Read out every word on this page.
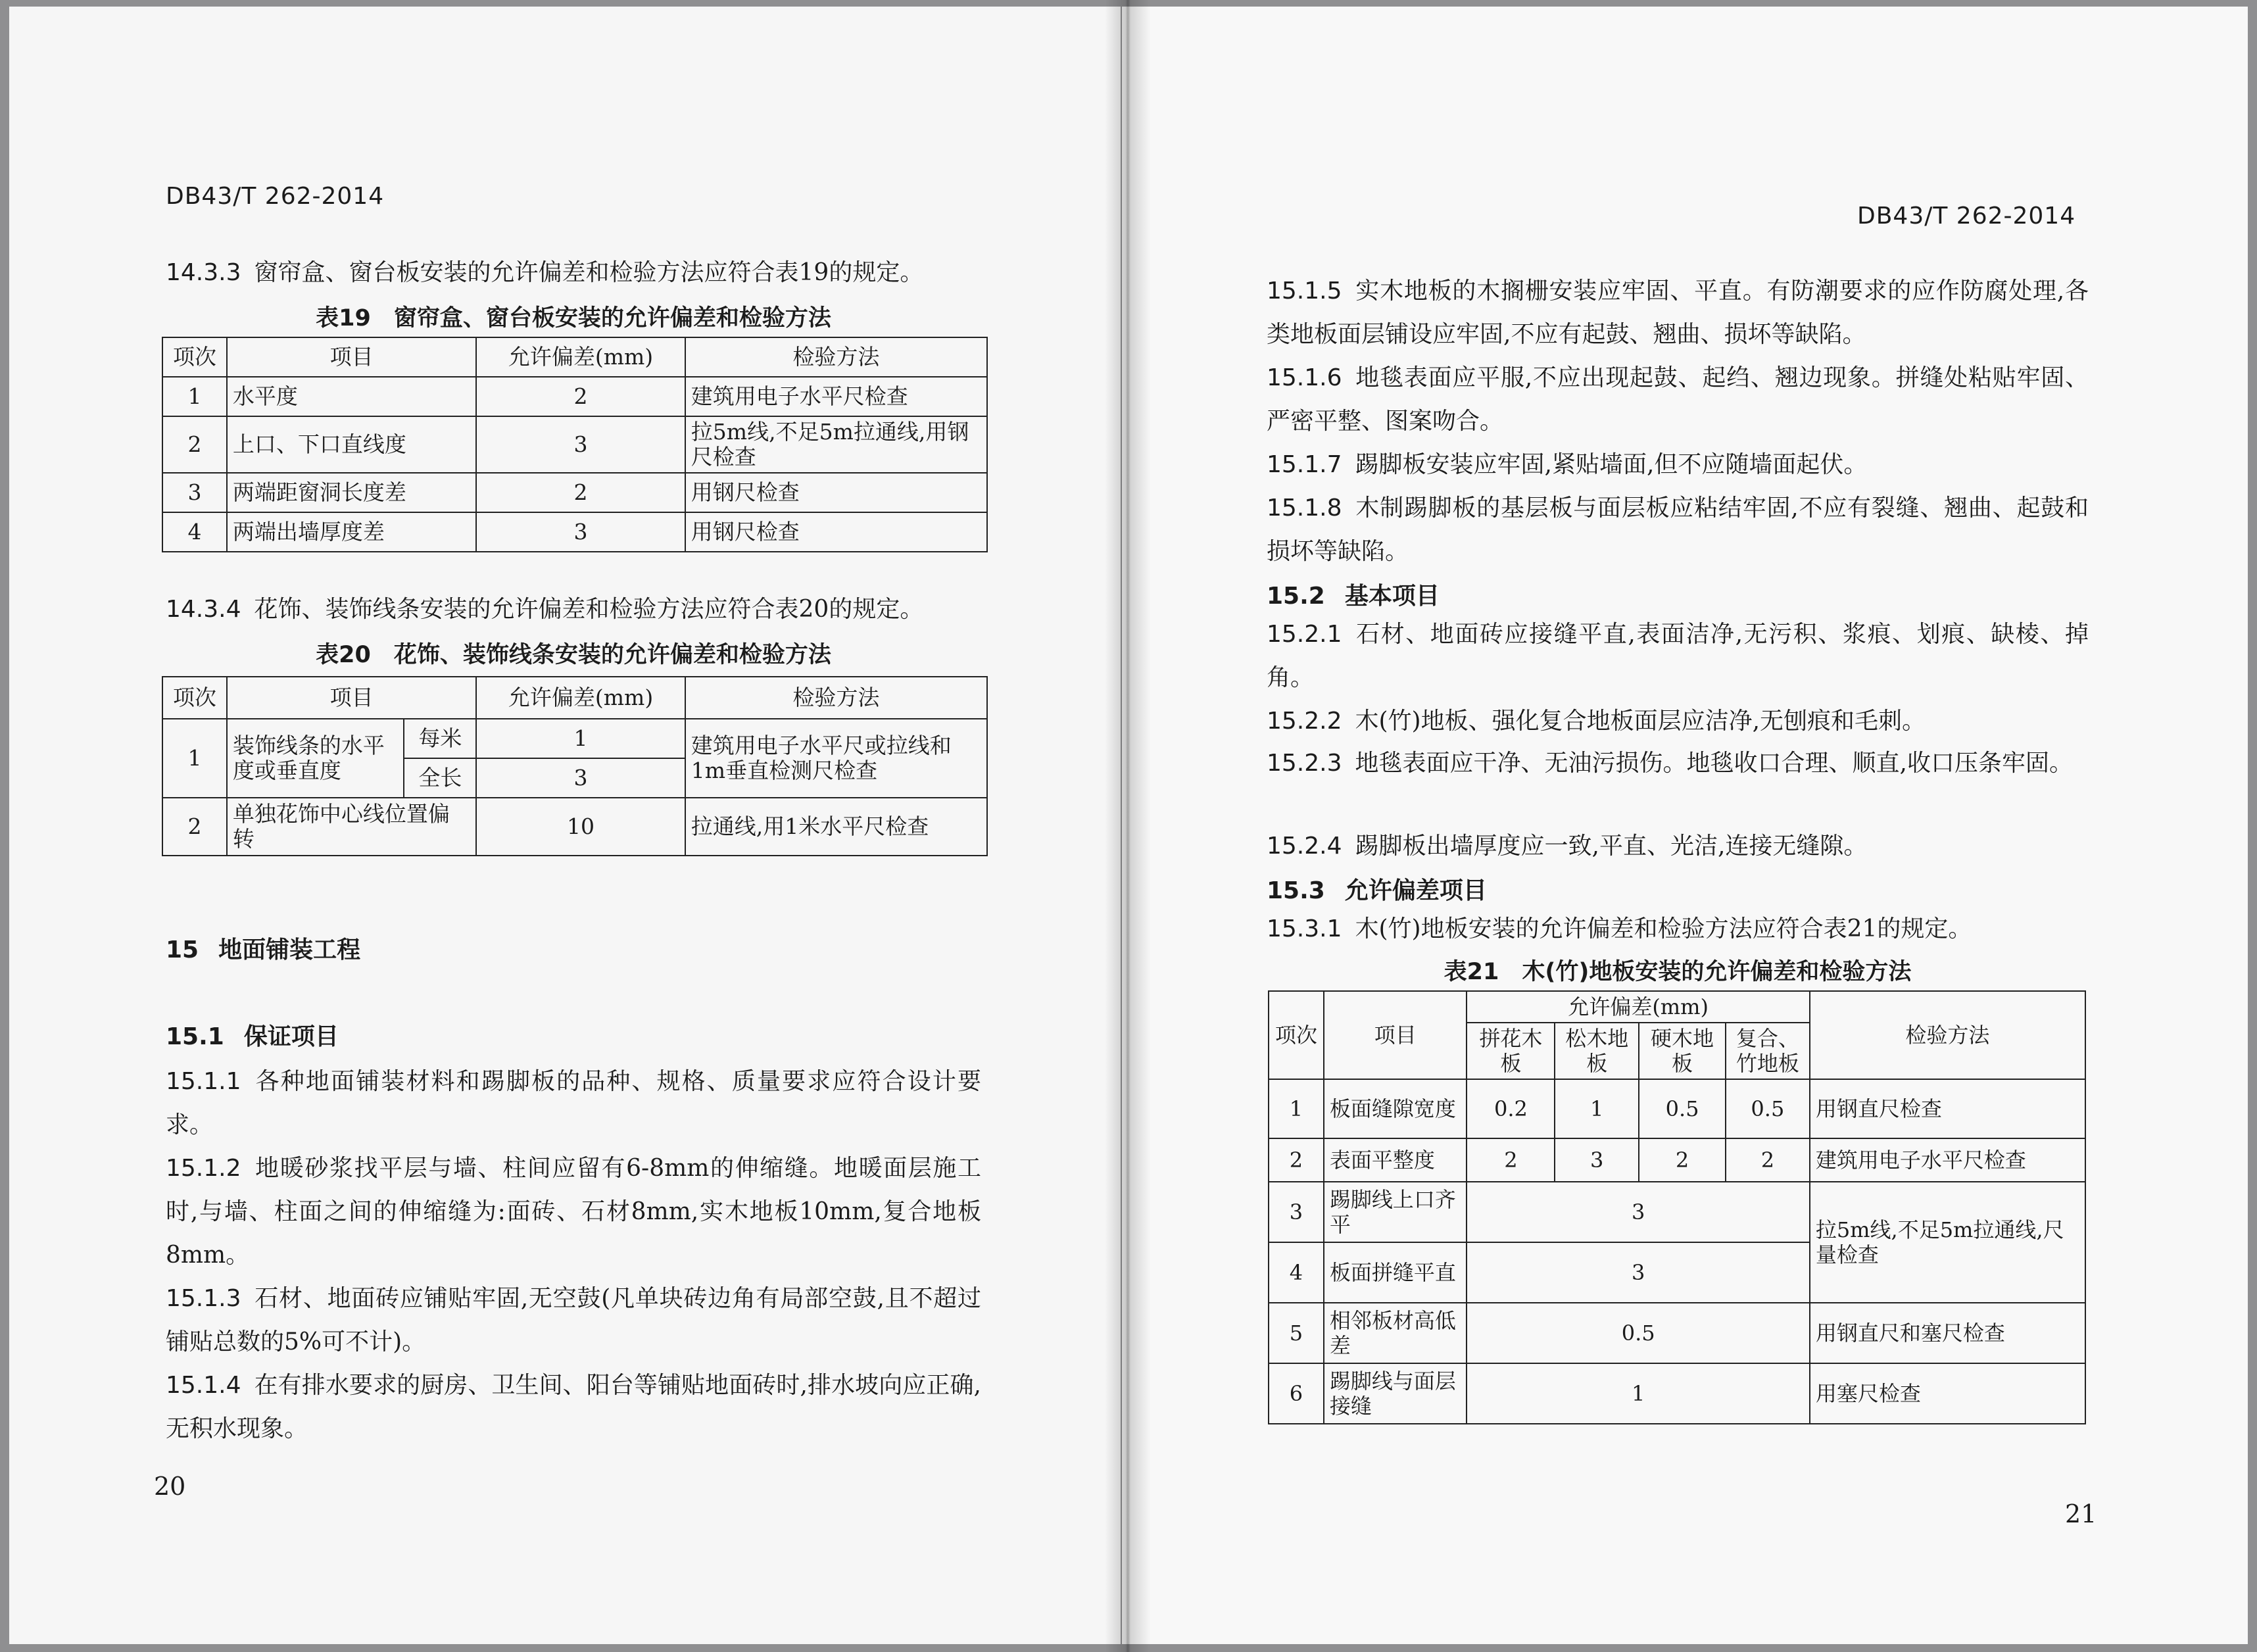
DB43/T 262-2014
14.3.3 窗帘盒、窗台板安装的允许偏差和检验方法应符合表19的规定。
表19　窗帘盒、窗台板安装的允许偏差和检验方法
项次	项目	允许偏差(mm)	检验方法
1	水平度	2	建筑用电子水平尺检查
2	上口、下口直线度	3	拉5m线,不足5m拉通线,用钢尺检查
3	两端距窗洞长度差	2	用钢尺检查
4	两端出墙厚度差	3	用钢尺检查
14.3.4 花饰、装饰线条安装的允许偏差和检验方法应符合表20的规定。
表20　花饰、装饰线条安装的允许偏差和检验方法
项次	项目		允许偏差(mm)	检验方法
1	装饰线条的水平度或垂直度	每米	1	建筑用电子水平尺或拉线和1m垂直检测尺检查
		全长	3	
2	单独花饰中心线位置偏转		10	拉通线,用1米水平尺检查
15 地面铺装工程
15.1 保证项目
15.1.1 各种地面铺装材料和踢脚板的品种、规格、质量要求应符合设计要求。
15.1.2 地暖砂浆找平层与墙、柱间应留有6-8mm的伸缩缝。地暖面层施工时,与墙、柱面之间的伸缩缝为:面砖、石材8mm,实木地板10mm,复合地板8mm。
15.1.3 石材、地面砖应铺贴牢固,无空鼓(凡单块砖边角有局部空鼓,且不超过铺贴总数的5%可不计)。
15.1.4 在有排水要求的厨房、卫生间、阳台等铺贴地面砖时,排水坡向应正确,无积水现象。
20
DB43/T 262-2014
15.1.5 实木地板的木搁栅安装应牢固、平直。有防潮要求的应作防腐处理,各类地板面层铺设应牢固,不应有起鼓、翘曲、损坏等缺陷。
15.1.6 地毯表面应平服,不应出现起鼓、起绉、翘边现象。拼缝处粘贴牢固、严密平整、图案吻合。
15.1.7 踢脚板安装应牢固,紧贴墙面,但不应随墙面起伏。
15.1.8 木制踢脚板的基层板与面层板应粘结牢固,不应有裂缝、翘曲、起鼓和损坏等缺陷。
15.2 基本项目
15.2.1 石材、地面砖应接缝平直,表面洁净,无污积、浆痕、划痕、缺棱、掉角。
15.2.2 木(竹)地板、强化复合地板面层应洁净,无刨痕和毛刺。
15.2.3 地毯表面应干净、无油污损伤。地毯收口合理、顺直,收口压条牢固。
15.2.4 踢脚板出墙厚度应一致,平直、光洁,连接无缝隙。
15.3 允许偏差项目
15.3.1 木(竹)地板安装的允许偏差和检验方法应符合表21的规定。
表21　木(竹)地板安装的允许偏差和检验方法
项次	项目	允许偏差(mm)				检验方法
		拼花木板	松木地板	硬木地板	复合、竹地板	
1	板面缝隙宽度	0.2	1	0.5	0.5	用钢直尺检查
2	表面平整度	2	3	2	2	建筑用电子水平尺检查
3	踢脚线上口齐平	3				拉5m线,不足5m拉通线,尺量检查
4	板面拼缝平直	3				
5	相邻板材高低差	0.5				用钢直尺和塞尺检查
6	踢脚线与面层接缝	1				用塞尺检查
21
